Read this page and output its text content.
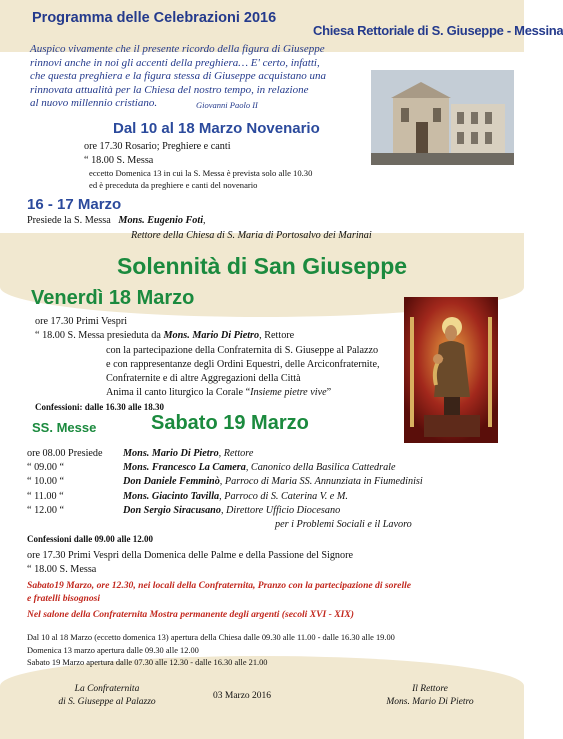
Programma delle Celebrazioni 2016
Chiesa Rettoriale di S. Giuseppe - Messina
Auspico vivamente che il presente ricordo della figura di Giuseppe
rinnovi anche in noi gli accenti della preghiera… E' certo, infatti,
che questa preghiera e la figura stessa di Giuseppe acquistano una
rinnovata attualità per la Chiesa del nostro tempo, in relazione
al nuovo millennio cristiano.	Giovanni Paolo II
Dal 10 al 18 Marzo Novenario
ore 17.30 Rosario; Preghiere e canti
“ 18.00 S. Messa
eccetto Domenica 13 in cui la S. Messa è prevista solo alle 10.30
ed è preceduta da preghiere e canti del novenario
16 - 17 Marzo
Presiede la S. Messa Mons. Eugenio Foti,
Rettore della Chiesa di S. Maria di Portosalvo dei Marinai
Solennità di San Giuseppe
Venerdì 18 Marzo
ore 17.30 Primi Vespri
“ 18.00 S. Messa presieduta da Mons. Mario Di Pietro, Rettore
con la partecipazione della Confraternita di S. Giuseppe al Palazzo
e con rappresentanze degli Ordini Equestri, delle Arciconfraternite,
Confraternite e di altre Aggregazioni della Città
Anima il canto liturgico la Corale “Insieme pietre vive”
Confessioni: dalle 16.30 alle 18.30
SS. Messe	Sabato 19 Marzo
ore 08.00 Presiede Mons. Mario Di Pietro, Rettore
“ 09.00 “	Mons. Francesco La Camera, Canonico della Basilica Cattedrale
“ 10.00 “	Don Daniele Femminò, Parroco di Maria SS. Annunziata in Fiumedinisi
“ 11.00 “	Mons. Giacinto Tavilla, Parroco di S. Caterina V. e M.
“ 12.00 “	Don Sergio Siracusano, Direttore Ufficio Diocesano
per i Problemi Sociali e il Lavoro
Confessioni dalle 09.00 alle 12.00
ore 17.30 Primi Vespri della Domenica delle Palme e della Passione del Signore
“ 18.00 S. Messa
Sabato19 Marzo, ore 12.30, nei locali della Confraternita, Pranzo con la partecipazione di sorelle
e fratelli bisognosi
Nel salone della Confraternita Mostra permanente degli argenti (secoli XVI - XIX)
Dal 10 al 18 Marzo (eccetto domenica 13) apertura della Chiesa dalle 09.30 alle 11.00 - dalle 16.30 alle 19.00
Domenica 13 marzo apertura dalle 09.30 alle 12.00
Sabato 19 Marzo apertura dalle 07.30 alle 12.30 - dalle 16.30 alle 21.00
La Confraternita
di S. Giuseppe al Palazzo
03 Marzo 2016
Il Rettore
Mons. Mario Di Pietro
